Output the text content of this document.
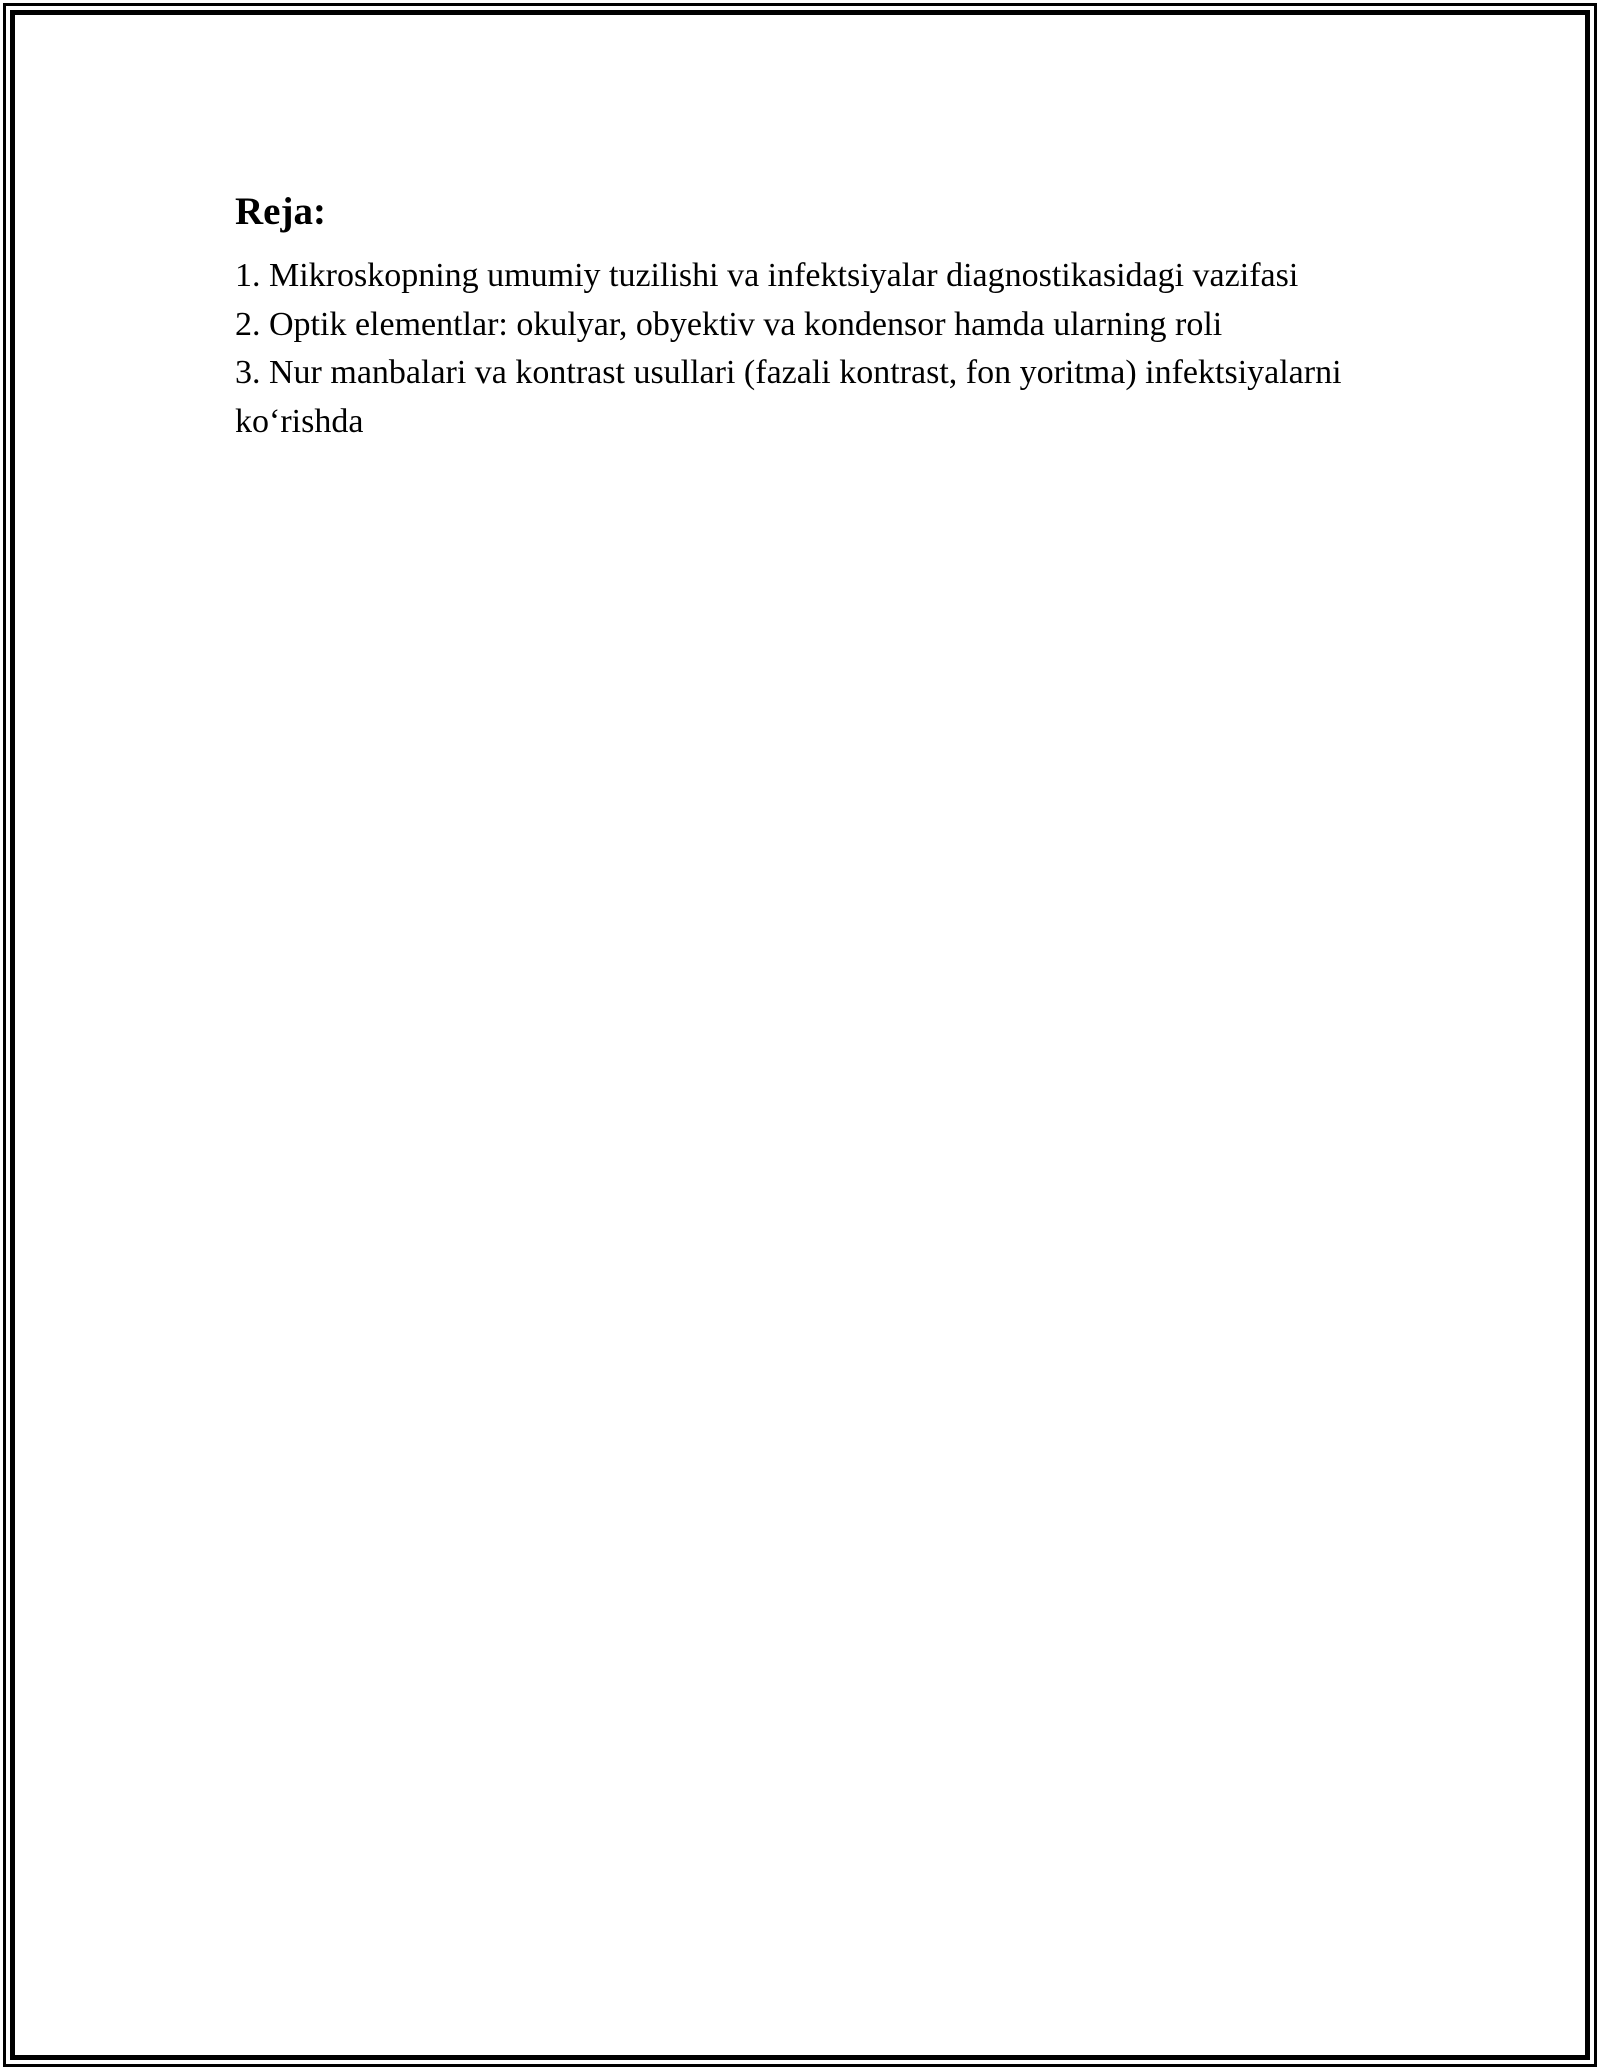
Reja:
1. Mikroskopning umumiy tuzilishi va infektsiyalar diagnostikasidagi vazifasi
2. Optik elementlar: okulyar, obyektiv va kondensor hamda ularning roli
3. Nur manbalari va kontrast usullari (fazali kontrast, fon yoritma) infektsiyalarni ko‘rishda
